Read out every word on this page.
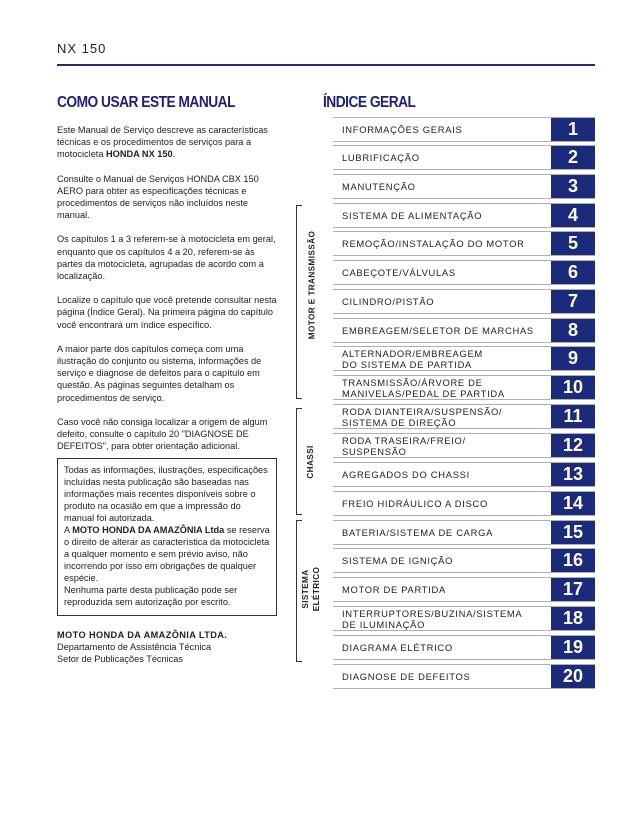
NX 150
COMO USAR ESTE MANUAL

Este Manual de Serviço descreve as características técnicas e os procedimentos de serviços para a motocicleta HONDA NX 150.

Consulte o Manual de Serviços HONDA CBX 150 AERO para obter as especificações técnicas e procedimentos de serviços não incluídos neste manual.

Os capítulos 1 a 3 referem-se à motocicleta em geral, enquanto que os capítulos 4 a 20, referem-se às partes da motocicleta, agrupadas de acordo com a localização.

Localize o capítulo que você pretende consultar nesta página (Índice Geral). Na primeira página do capítulo você encontrará um índice específico.

A maior parte dos capítulos começa com uma ilustração do conjunto ou sistema, informações de serviço e diagnose de defeitos para o capítulo em questão. As páginas seguintes detalham os procedimentos de serviço.

Caso você não consiga localizar a origem de algum defeito, consulte o capítulo 20 "DIAGNOSE DE DEFEITOS", para obter orientação adicional.

Todas as informações, ilustrações, especificações incluídas nesta publicação são baseadas nas informações mais recentes disponíveis sobre o produto na ocasião em que a impressão do manual foi autorizada.
A MOTO HONDA DA AMAZÔNIA Ltda se reserva o direito de alterar as característica da motocicleta a qualquer momento e sem prévio aviso, não incorrendo por isso em obrigações de qualquer espécie.
Nenhuma parte desta publicação pode ser reproduzida sem autorização por escrito.
MOTO HONDA DA AMAZÔNIA LTDA.
Departamento de Assistência Técnica
Setor de Publicações Técnicas
ÍNDICE GERAL
MOTOR E TRANSMISSÃO
CHASSI
SISTEMA ELÉTRICO
INFORMAÇÕES GERAIS	1
LUBRIFICAÇÃO	2
MANUTENÇÃO	3
SISTEMA DE ALIMENTAÇÃO	4
REMOÇÃO/INSTALAÇÃO DO MOTOR	5
CABEÇOTE/VÁLVULAS	6
CILINDRO/PISTÃO	7
EMBREAGEM/SELETOR DE MARCHAS	8
ALTERNADOR/EMBREAGEM
DO SISTEMA DE PARTIDA	9
TRANSMISSÃO/ÁRVORE DE
MANIVELAS/PEDAL DE PARTIDA	10
RODA DIANTEIRA/SUSPENSÃO/
SISTEMA DE DIREÇÃO	11
RODA TRASEIRA/FREIO/
SUSPENSÃO	12
AGREGADOS DO CHASSI	13
FREIO HIDRÁULICO A DISCO	14
BATERIA/SISTEMA DE CARGA	15
SISTEMA DE IGNIÇÃO	16
MOTOR DE PARTIDA	17
INTERRUPTORES/BUZINA/SISTEMA
DE ILUMINAÇÃO	18
DIAGRAMA ELÉTRICO	19
DIAGNOSE DE DEFEITOS	20
